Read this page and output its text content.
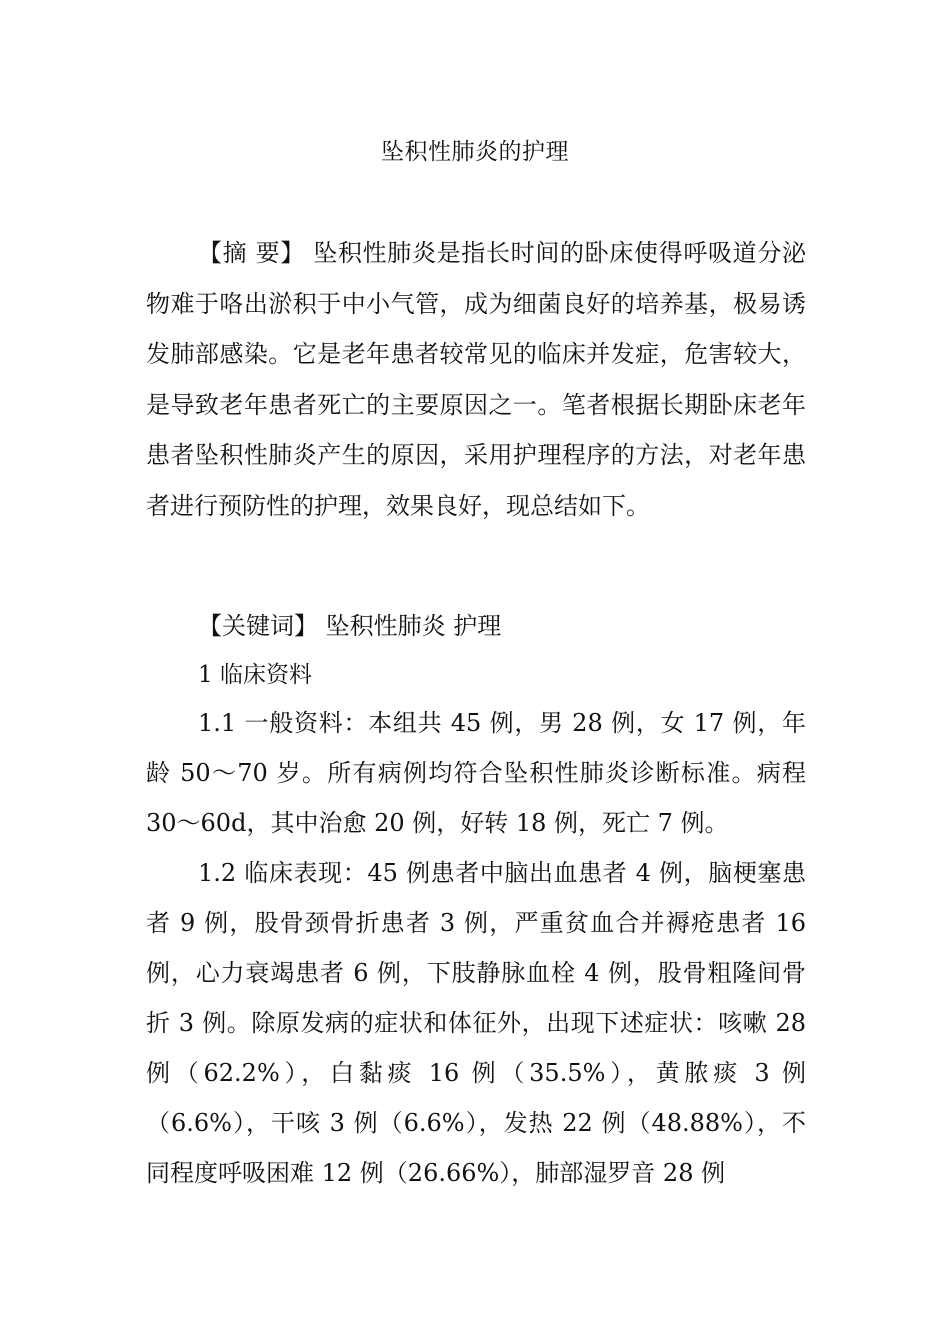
坠积性肺炎的护理

【摘 要】 坠积性肺炎是指长时间的卧床使得呼吸道分泌物难于咯出淤积于中小气管，成为细菌良好的培养基，极易诱发肺部感染。它是老年患者较常见的临床并发症，危害较大，是导致老年患者死亡的主要原因之一。笔者根据长期卧床老年患者坠积性肺炎产生的原因，采用护理程序的方法，对老年患者进行预防性的护理，效果良好，现总结如下。

【关键词】 坠积性肺炎 护理

1 临床资料

1.1 一般资料：本组共 45 例，男 28 例，女 17 例，年龄 50～70 岁。所有病例均符合坠积性肺炎诊断标准。病程 30～60d，其中治愈 20 例，好转 18 例，死亡 7 例。

1.2 临床表现：45 例患者中脑出血患者 4 例，脑梗塞患者 9 例，股骨颈骨折患者 3 例，严重贫血合并褥疮患者 16 例，心力衰竭患者 6 例，下肢静脉血栓 4 例，股骨粗隆间骨折 3 例。除原发病的症状和体征外，出现下述症状：咳嗽 28 例（62.2%），白黏痰 16 例（35.5%），黄脓痰 3 例（6.6%），干咳 3 例（6.6%），发热 22 例（48.88%），不同程度呼吸困难 12 例（26.66%），肺部湿罗音 28 例
